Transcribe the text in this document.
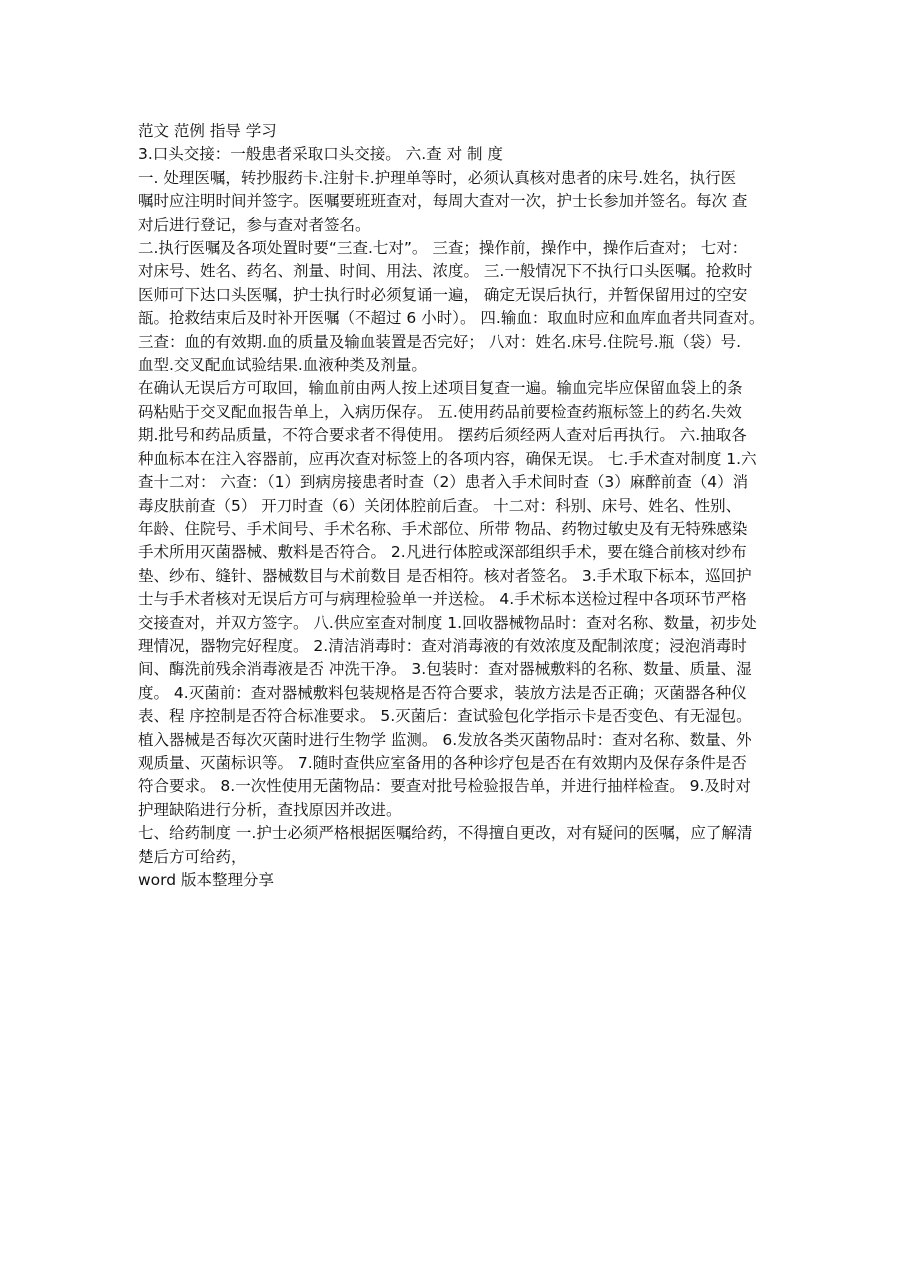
范文 范例 指导 学习

3.口头交接：一般患者采取口头交接。 六.查 对 制 度

一. 处理医嘱，转抄服药卡.注射卡.护理单等时，必须认真核对患者的床号.姓名，执行医

嘱时应注明时间并签字。医嘱要班班查对，每周大查对一次，护士长参加并签名。每次 查

对后进行登记，参与查对者签名。

二.执行医嘱及各项处置时要“三查.七对”。 三查；操作前，操作中，操作后查对； 七对：

对床号、姓名、药名、剂量、时间、用法、浓度。 三.一般情况下不执行口头医嘱。抢救时

医师可下达口头医嘱，护士执行时必须复诵一遍， 确定无误后执行，并暂保留用过的空安

瓿。抢救结束后及时补开医嘱（不超过 6 小时）。 四.输血：取血时应和血库血者共同查对。

三查：血的有效期.血的质量及输血装置是否完好； 八对：姓名.床号.住院号.瓶（袋）号.

血型.交叉配血试验结果.血液种类及剂量。

在确认无误后方可取回，输血前由两人按上述项目复查一遍。输血完毕应保留血袋上的条

码粘贴于交叉配血报告单上，入病历保存。 五.使用药品前要检查药瓶标签上的药名.失效

期.批号和药品质量，不符合要求者不得使用。 摆药后须经两人查对后再执行。 六.抽取各

种血标本在注入容器前，应再次查对标签上的各项内容，确保无误。 七.手术查对制度 1.六

查十二对： 六查：（1）到病房接患者时查（2）患者入手术间时查（3）麻醉前查（4）消

毒皮肤前查（5） 开刀时查（6）关闭体腔前后查。 十二对：科别、床号、姓名、性别、

年龄、住院号、手术间号、手术名称、手术部位、所带 物品、药物过敏史及有无特殊感染

手术所用灭菌器械、敷料是否符合。 2.凡进行体腔或深部组织手术，要在缝合前核对纱布

垫、纱布、缝针、器械数目与术前数目 是否相符。核对者签名。 3.手术取下标本，巡回护

士与手术者核对无误后方可与病理检验单一并送检。 4.手术标本送检过程中各项环节严格

交接查对，并双方签字。 八.供应室查对制度 1.回收器械物品时：查对名称、数量，初步处

理情况，器物完好程度。 2.清洁消毒时：查对消毒液的有效浓度及配制浓度；浸泡消毒时

间、酶洗前残余消毒液是否 冲洗干净。 3.包装时：查对器械敷料的名称、数量、质量、湿

度。 4.灭菌前：查对器械敷料包装规格是否符合要求，装放方法是否正确；灭菌器各种仪

表、程 序控制是否符合标准要求。 5.灭菌后：查试验包化学指示卡是否变色、有无湿包。

植入器械是否每次灭菌时进行生物学 监测。 6.发放各类灭菌物品时：查对名称、数量、外

观质量、灭菌标识等。 7.随时查供应室备用的各种诊疗包是否在有效期内及保存条件是否

符合要求。 8.一次性使用无菌物品：要查对批号检验报告单，并进行抽样检查。 9.及时对

护理缺陷进行分析，查找原因并改进。

七、给药制度 一.护士必须严格根据医嘱给药，不得擅自更改，对有疑问的医嘱，应了解清

楚后方可给药，

word 版本整理分享
